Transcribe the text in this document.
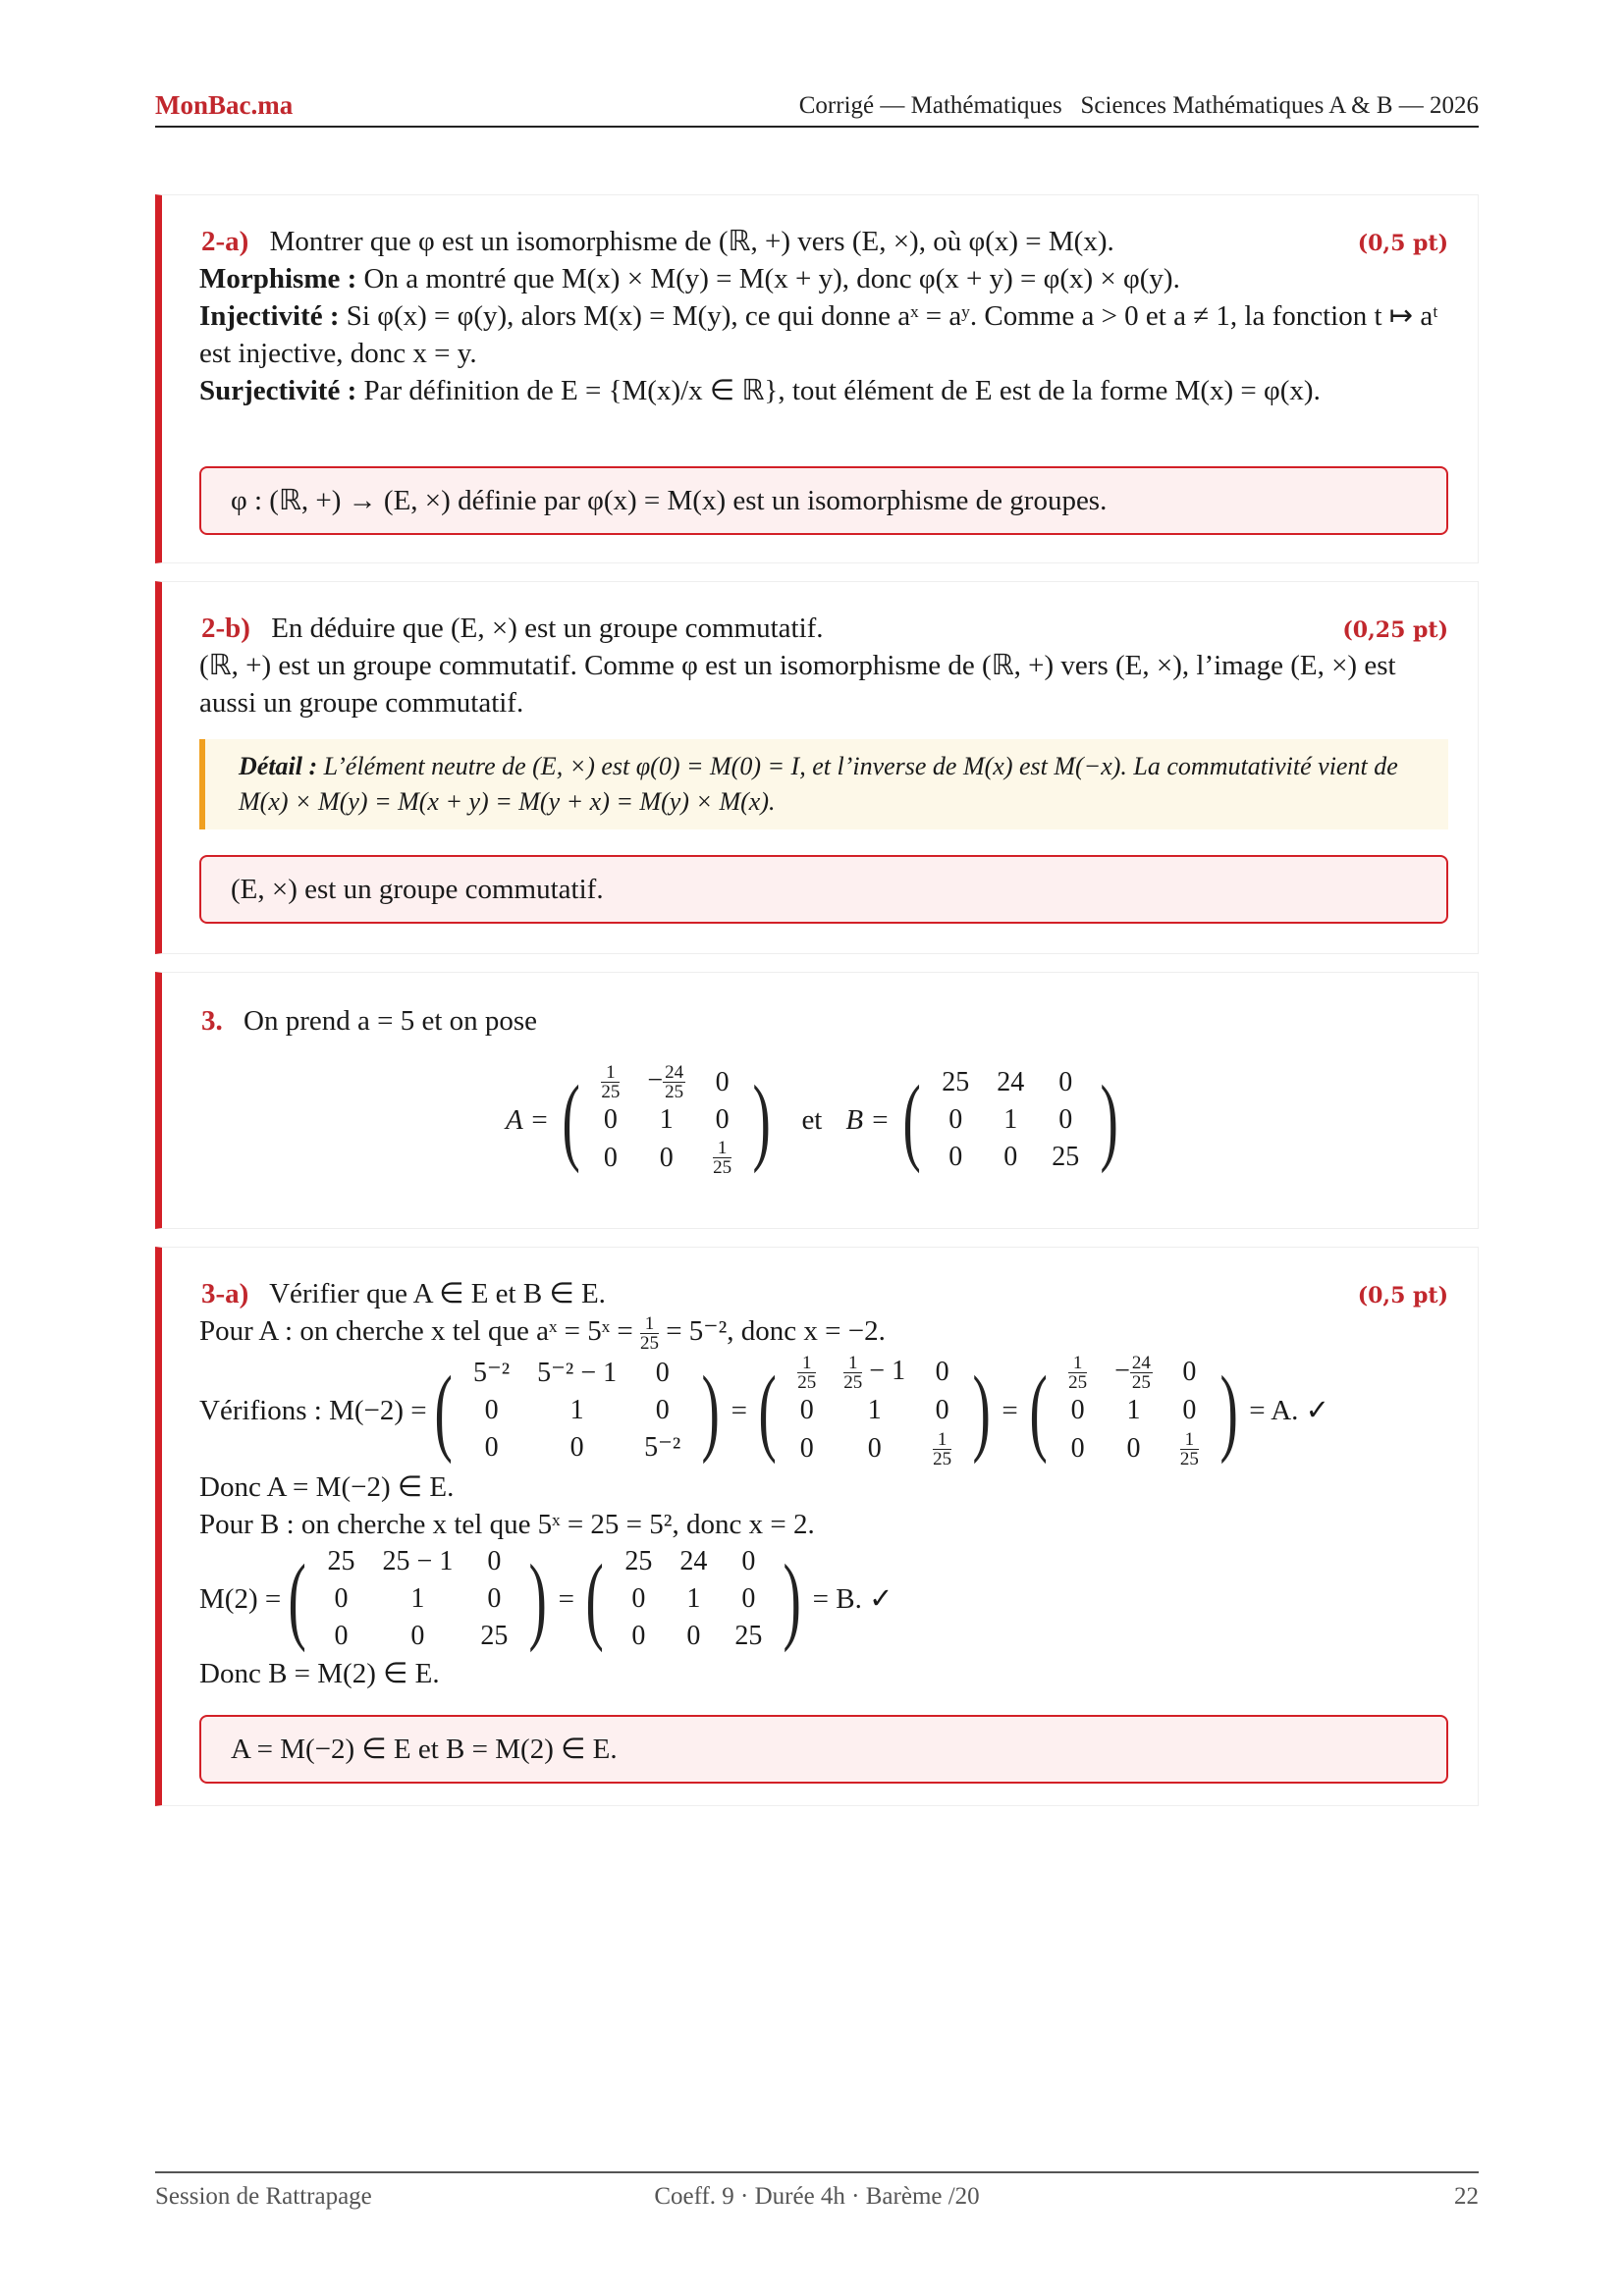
MonBac.ma	Corrigé — Mathématiques   Sciences Mathématiques A & B — 2026
2-a) Montrer que φ est un isomorphisme de (ℝ, +) vers (E, ×), où φ(x) = M(x).	(0,5 pt)

Morphisme : On a montré que M(x) × M(y) = M(x + y), donc φ(x + y) = φ(x) × φ(y).

Injectivité : Si φ(x) = φ(y), alors M(x) = M(y), ce qui donne aˣ = aʸ. Comme a > 0 et a ≠ 1, la fonction t ↦ aᵗ est injective, donc x = y.

Surjectivité : Par définition de E = {M(x)/x ∈ ℝ}, tout élément de E est de la forme M(x) = φ(x).

φ : (ℝ, +) → (E, ×) définie par φ(x) = M(x) est un isomorphisme de groupes.
2-b) En déduire que (E, ×) est un groupe commutatif.	(0,25 pt)

(ℝ, +) est un groupe commutatif. Comme φ est un isomorphisme de (ℝ, +) vers (E, ×), l’image (E, ×) est aussi un groupe commutatif.

Détail : L’élément neutre de (E, ×) est φ(0) = M(0) = I, et l’inverse de M(x) est M(−x). La commutativité vient de M(x) × M(y) = M(x + y) = M(y + x) = M(y) × M(x).
(E, ×) est un groupe commutatif.
3. On prend a = 5 et on pose
A = ( $\frac{1}{25}$	− $\frac{24}{25}$	0
0	1	0
0	0	$\frac{1}{25}$ ) et B = ( 25	24	0
0	1	0
0	0	25 )
3-a) Vérifier que A ∈ E et B ∈ E.	(0,5 pt)

Pour A : on cherche x tel que aˣ = 5ˣ = $\frac{1}{25} = 5^{-2}$, donc x = −2.

Vérifions : M(−2) = ( 5⁻²	5⁻² − 1	0
0	1	0
0	0	5⁻² ) = ( $\frac{1}{25}$	$\frac{1}{25} - 1$	0
0	1	0
0	0	$\frac{1}{25}$ ) = ( $\frac{1}{25}$	− $\frac{24}{25}$	0
0	1	0
0	0	$\frac{1}{25}$ ) = A. ✓

Donc A = M(−2) ∈ E.

Pour B : on cherche x tel que 5ˣ = 25 = 5², donc x = 2.

M(2) = ( 25	25 − 1	0
0	1	0
0	0	25 ) = ( 25	24	0
0	1	0
0	0	25 ) = B. ✓

Donc B = M(2) ∈ E.

A = M(−2) ∈ E et B = M(2) ∈ E.
Session de Rattrapage	Coeff. 9 · Durée 4h · Barème /20	22
